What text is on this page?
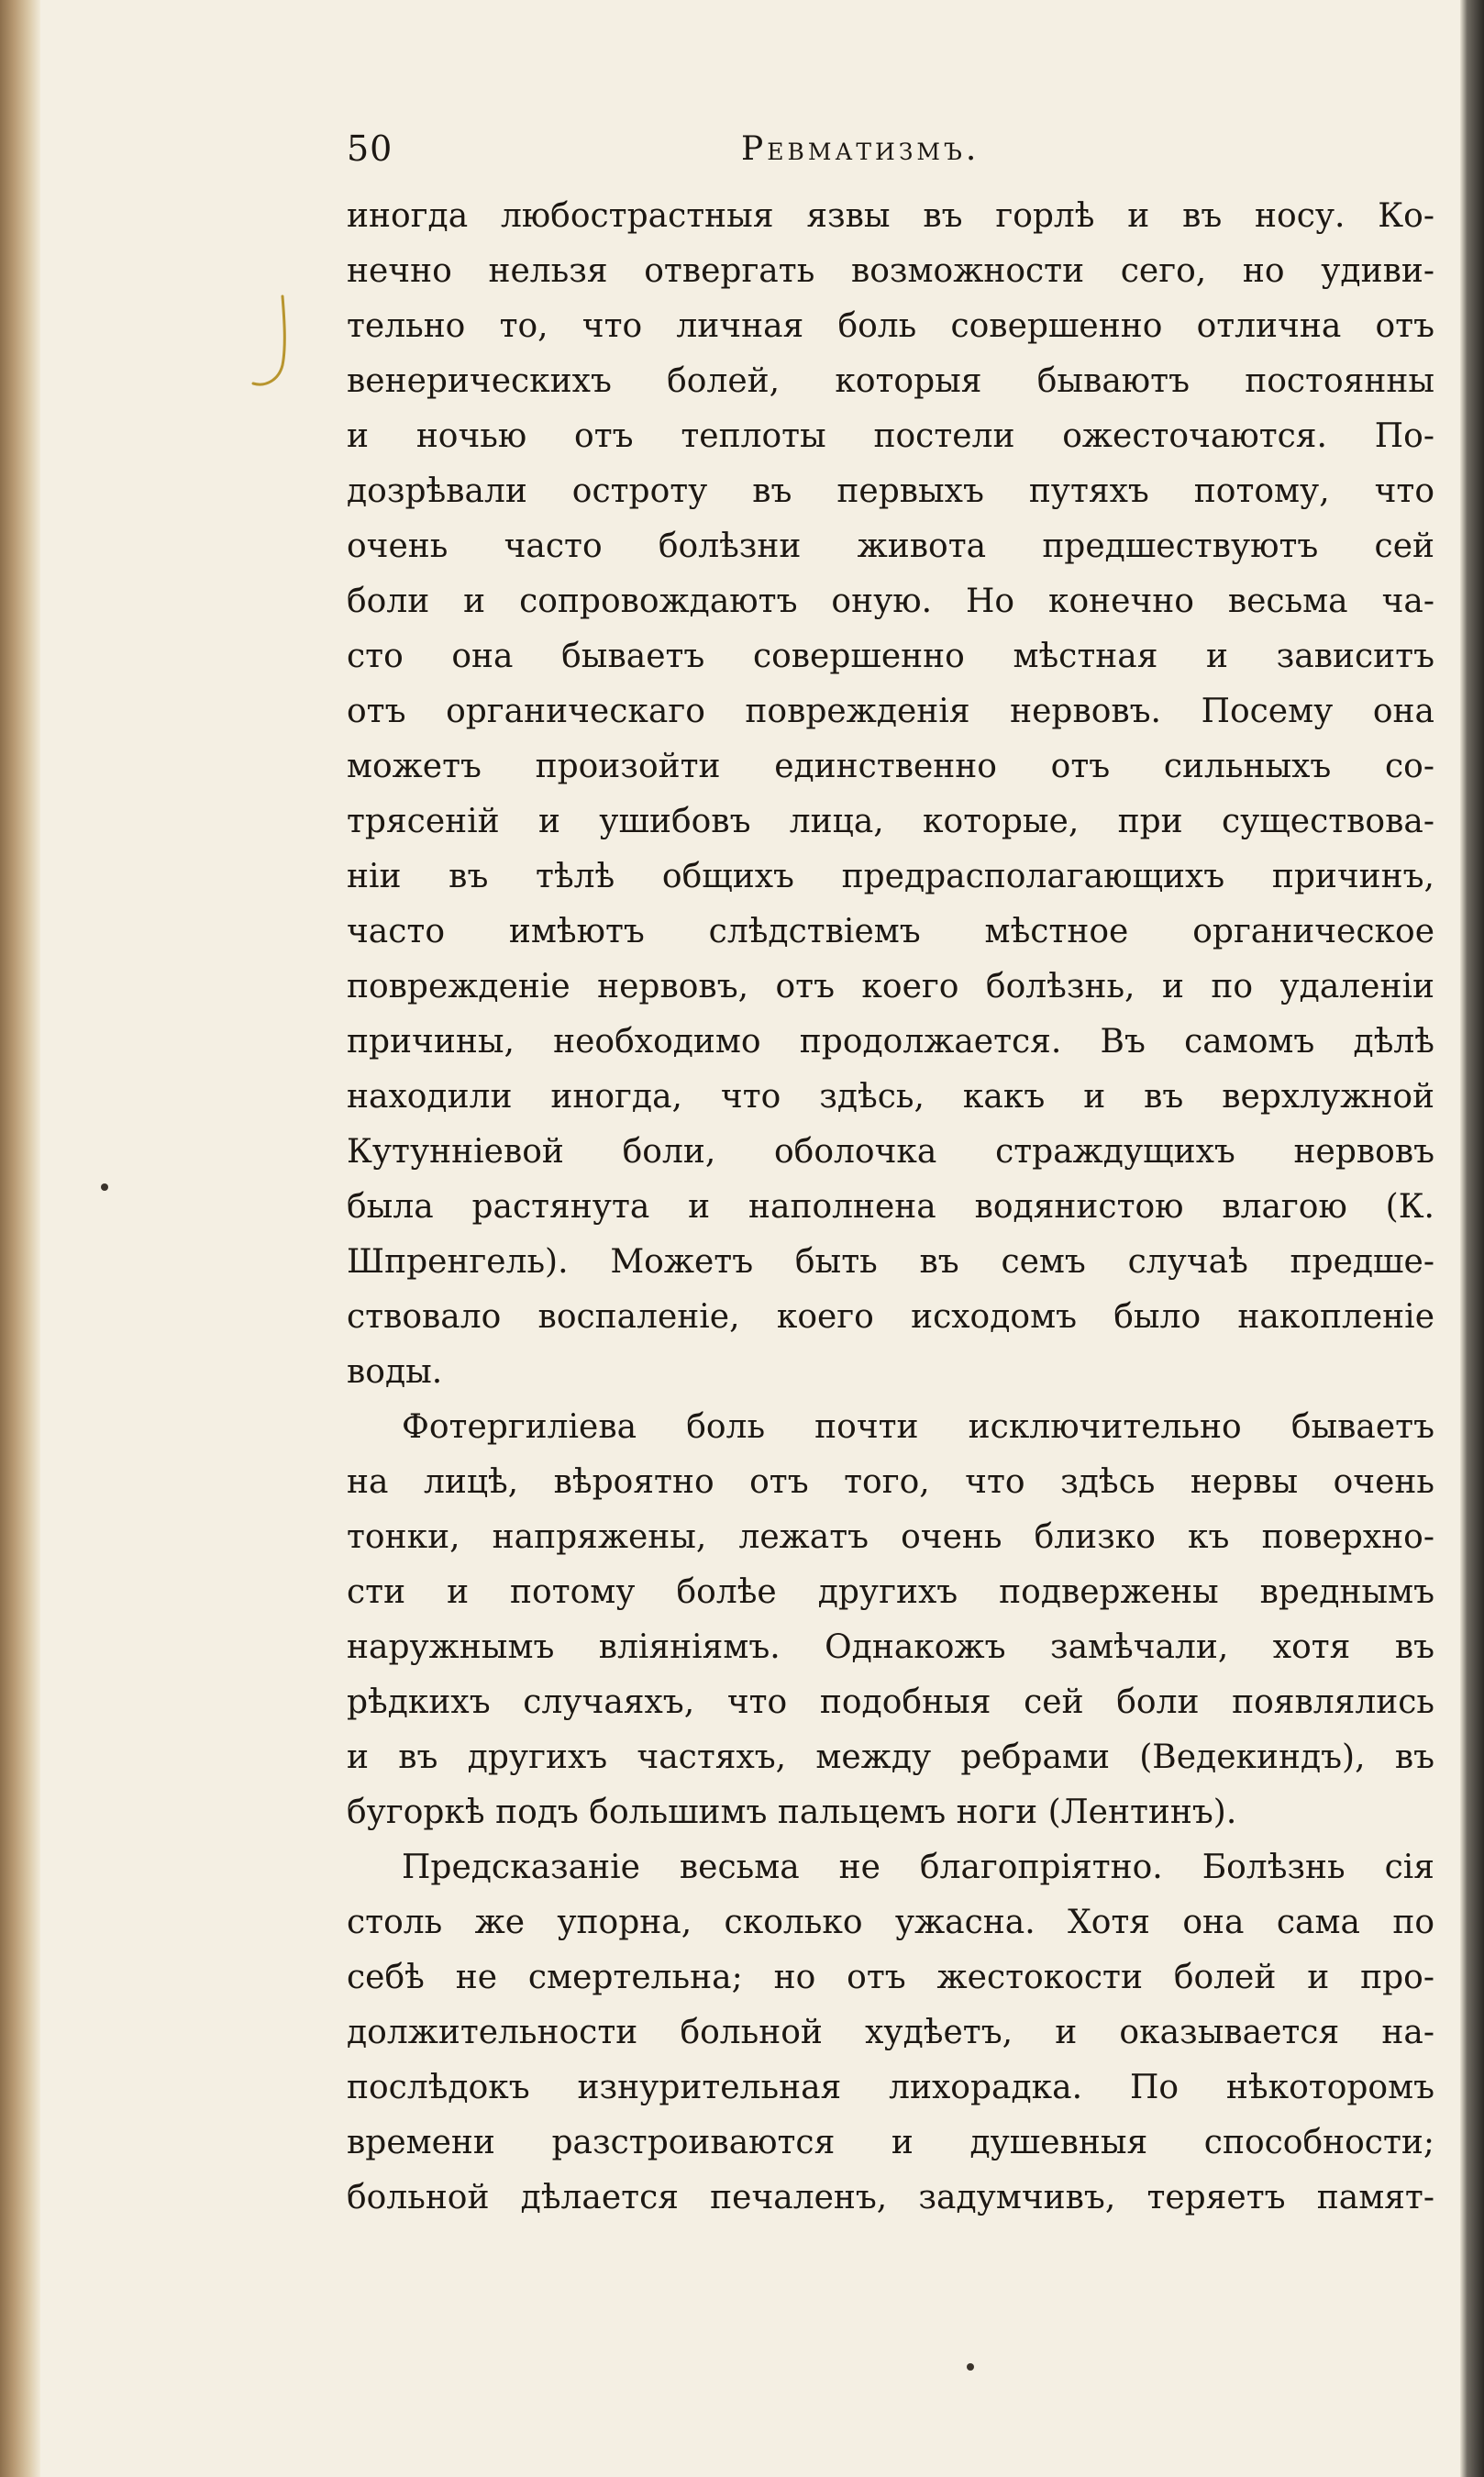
50	Ревматизмъ.
иногда любострастныя язвы въ горлѣ и въ носу. Ко-
нечно нельзя отвергать возможности сего, но удиви-
тельно то, что личная боль совершенно отлична отъ
венерическихъ болей, которыя бываютъ постоянны
и ночью отъ теплоты постели ожесточаются. По-
дозрѣвали остроту въ первыхъ путяхъ потому, что
очень часто болѣзни живота предшествуютъ сей
боли и сопровождаютъ оную. Но конечно весьма ча-
сто она бываетъ совершенно мѣстная и зависитъ
отъ органическаго поврежденія нервовъ. Посему она
можетъ произойти единственно отъ сильныхъ со-
трясеній и ушибовъ лица, которые, при существова-
ніи въ тѣлѣ общихъ предрасполагающихъ причинъ,
часто имѣютъ слѣдствіемъ мѣстное органическое
поврежденіе нервовъ, отъ коего болѣзнь, и по удаленіи
причины, необходимо продолжается. Въ самомъ дѣлѣ
находили иногда, что здѣсь, какъ и въ верхлужной
Кутунніевой боли, оболочка страждущихъ нервовъ
была растянута и наполнена водянистою влагою (К.
Шпренгель). Можетъ быть въ семъ случаѣ предше-
ствовало воспаленіе, коего исходомъ было накопленіе
воды.
Фотергиліева боль почти исключительно бываетъ
на лицѣ, вѣроятно отъ того, что здѣсь нервы очень
тонки, напряжены, лежатъ очень близко къ поверхно-
сти и потому болѣе другихъ подвержены вреднымъ
наружнымъ вліяніямъ. Однакожъ замѣчали, хотя въ
рѣдкихъ случаяхъ, что подобныя сей боли появлялись
и въ другихъ частяхъ, между ребрами (Ведекиндъ), въ
бугоркѣ подъ большимъ пальцемъ ноги (Лентинъ).
Предсказаніе весьма не благопріятно. Болѣзнь сія
столь же упорна, сколько ужасна. Хотя она сама по
себѣ не смертельна; но отъ жестокости болей и про-
должительности больной худѣетъ, и оказывается на-
послѣдокъ изнурительная лихорадка. По нѣкоторомъ
времени разстроиваются и душевныя способности;
больной дѣлается печаленъ, задумчивъ, теряетъ памят-
